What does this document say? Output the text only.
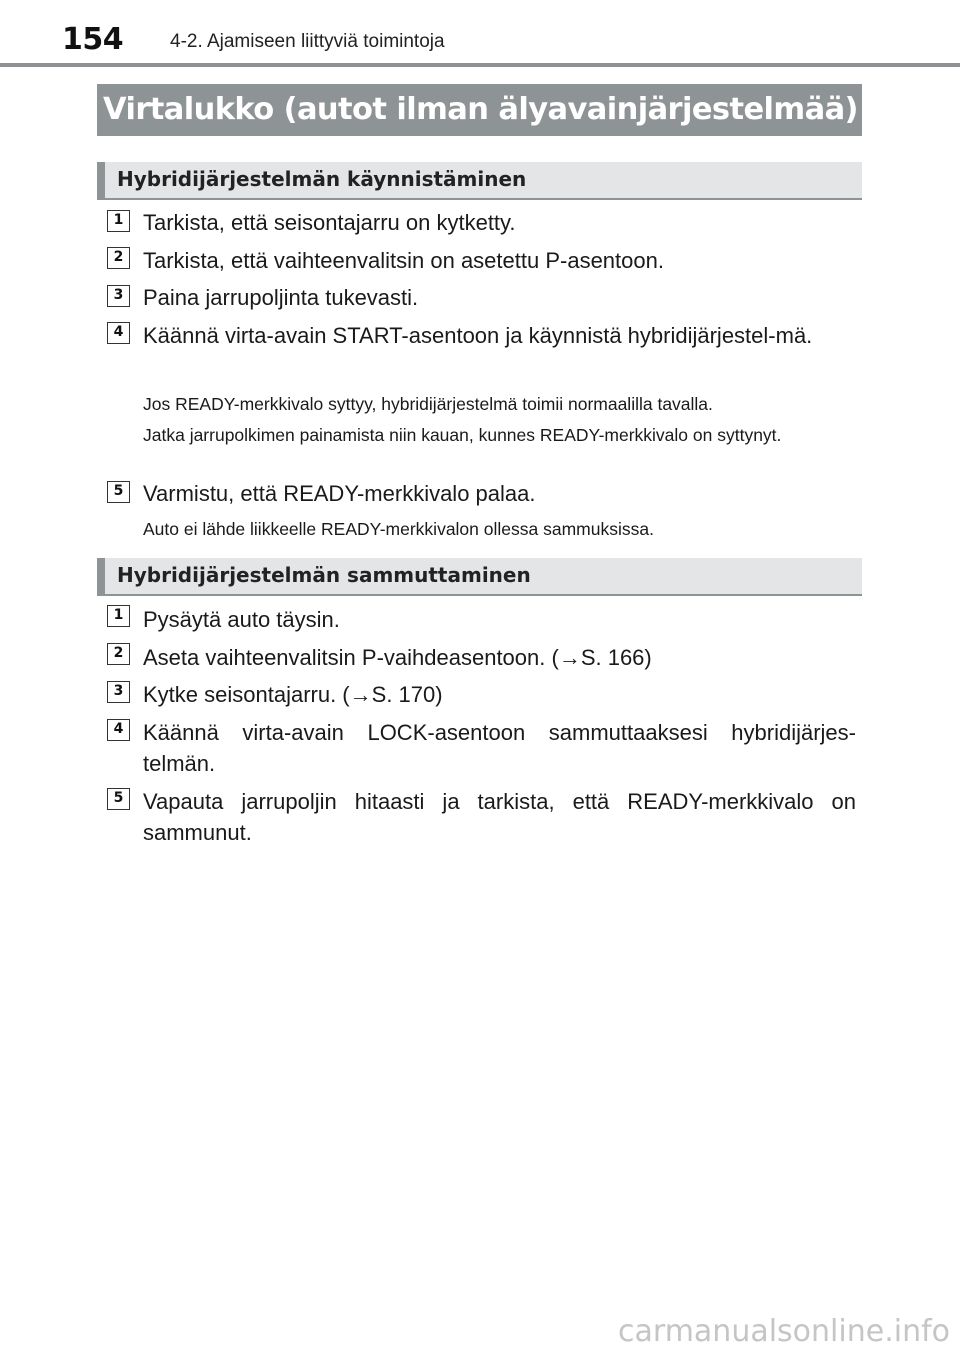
154 4-2. Ajamiseen liittyviä toimintoja
Virtalukko (autot ilman älyavainjärjestelmää)
Hybridijärjestelmän käynnistäminen
1 Tarkista, että seisontajarru on kytketty.
2 Tarkista, että vaihteenvalitsin on asetettu P-asentoon.
3 Paina jarrupoljinta tukevasti.
4 Käännä virta-avain START-asentoon ja käynnistä hybridijärjestel-mä.
Jos READY-merkkivalo syttyy, hybridijärjestelmä toimii normaalilla tavalla.
Jatka jarrupolkimen painamista niin kauan, kunnes READY-merkkivalo on syttynyt.
5 Varmistu, että READY-merkkivalo palaa.
Auto ei lähde liikkeelle READY-merkkivalon ollessa sammuksissa.
Hybridijärjestelmän sammuttaminen
1 Pysäytä auto täysin.
2 Aseta vaihteenvalitsin P-vaihdeasentoon. (→S. 166)
3 Kytke seisontajarru. (→S. 170)
4 Käännä virta-avain LOCK-asentoon sammuttaaksesi hybridijärjes-telmän.
5 Vapauta jarrupoljin hitaasti ja tarkista, että READY-merkkivalo on sammunut.
carmanualsonline.info
